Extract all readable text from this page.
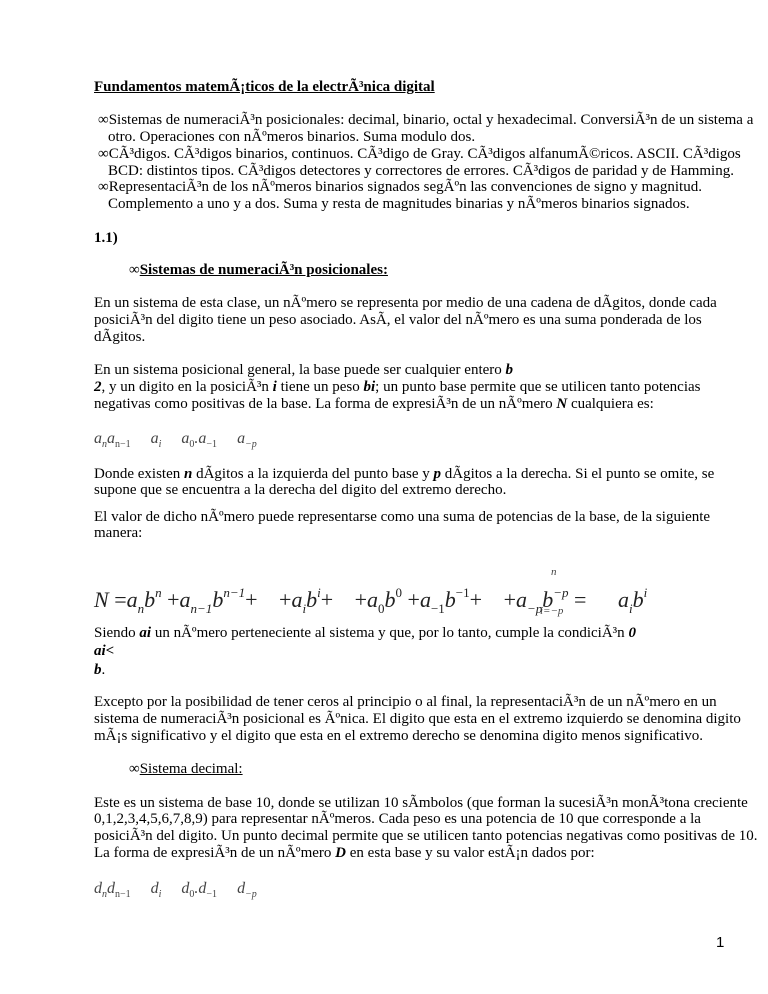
Fundamentos matemÃ¡ticos de la electrÃ³nica digital
∞Sistemas de numeraciÃ³n posicionales: decimal, binario, octal y hexadecimal. ConversiÃ³n de un sistema a
otro. Operaciones con nÃºmeros binarios. Suma modulo dos.
∞CÃ³digos. CÃ³digos binarios, continuos. CÃ³digo de Gray. CÃ³digos alfanumÃ©ricos. ASCII. CÃ³digos
BCD: distintos tipos. CÃ³digos detectores y correctores de errores. CÃ³digos de paridad y de Hamming.
∞RepresentaciÃ³n de los nÃºmeros binarios signados segÃºn las convenciones de signo y magnitud.
Complemento a uno y a dos. Suma y resta de magnitudes binarias y nÃºmeros binarios signados.
1.1)
∞Sistemas de numeraciÃ³n posicionales:
En un sistema de esta clase, un nÃºmero se representa por medio de una cadena de dÃgitos, donde cada
posiciÃ³n del digito tiene un peso asociado. AsÃ, el valor del nÃºmero es una suma ponderada de los
dÃgitos.
En un sistema posicional general, la base puede ser cualquier entero b
2, y un digito en la posiciÃ³n i tiene un peso bi; un punto base permite que se utilicen tanto potencias
negativas como positivas de la base. La forma de expresiÃ³n de un nÃºmero N cualquiera es:
$a_na_{n-1}$ $a_i$ $a_0.a_{-1}$ $a_{-p}$
Donde existen n dÃgitos a la izquierda del punto base y p dÃgitos a la derecha. Si el punto se omite, se
supone que se encuentra a la derecha del digito del extremo derecho.
El valor de dicho nÃºmero puede representarse como una suma de potencias de la base, de la siguiente
manera:
$N =a_nb^n +a_{n-1}b^{n-1}+ +a_ib^i+ +a_0b^0 +a_{-1}b^{-1}+ +a_{-p}b^{-p} = a_ib^i$
n
i=−p
Siendo ai un nÃºmero perteneciente al sistema y que, por lo tanto, cumple la condiciÃ³n 0
ai<
b.
Excepto por la posibilidad de tener ceros al principio o al final, la representaciÃ³n de un nÃºmero en un
sistema de numeraciÃ³n posicional es Ãºnica. El digito que esta en el extremo izquierdo se denomina digito
mÃ¡s significativo y el digito que esta en el extremo derecho se denomina digito menos significativo.
∞Sistema decimal:
Este es un sistema de base 10, donde se utilizan 10 sÃmbolos (que forman la sucesiÃ³n monÃ³tona creciente
0,1,2,3,4,5,6,7,8,9) para representar nÃºmeros. Cada peso es una potencia de 10 que corresponde a la
posiciÃ³n del digito. Un punto decimal permite que se utilicen tanto potencias negativas como positivas de 10.
La forma de expresiÃ³n de un nÃºmero D en esta base y su valor estÃ¡n dados por:
$d_nd_{n-1}$ $d_i$ $d_0.d_{-1}$ $d_{-p}$
1
